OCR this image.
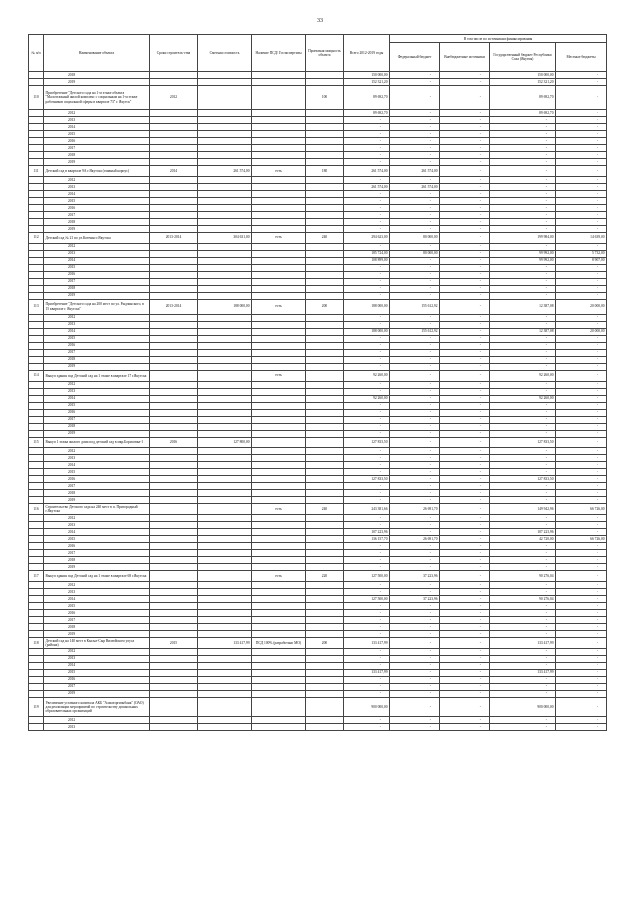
33
№ п/п	Наименование объекта	Сроки строитель-ства	Сметная стоимость	Наличие ПСД/ Госэкспертизы	Проектная мощность объекта	Всего 2012-2019 годы	В том числе по источникам финансирования			
							Федеральный бюджет	Внебюджетные источники	Государственный бюджет Республики Саха (Якутия)	Местные бюджеты
	2018					150 000,00	-	-	150 000,00	-
	2019					152 321,20	-	-	152 321,20	-
110	Приобретение "Детского сада на 1-м этаже объекта "Малоэтажный жилой комплекс с социальным на 1-м этаже работников социальной сферы в квартале 73" г. Якутск"	2012			100	89 692,70	-	-	89 692,70	-
	2012					89 692,70	-	-	89 692,70	-
	2013					-	-	-	-	-
	2014					-	-	-	-	-
	2015					-	-	-	-	-
	2016					-	-	-	-	-
	2017					-	-	-	-	-
	2018					-	-	-	-	-
	2019					-	-	-	-	-
111	Детский сад в квартале 9А г.Якутска (главный корпус)	2014	261 574,00	есть	180	261 574,00	261 574,00	-	-	-
	2012					-	-	-	-	-
	2013					261 574,00	261 574,00	-	-	-
	2014					-	-	-	-	-
	2015					-	-	-	-	-
	2016					-	-	-	-	-
	2017					-	-	-	-	-
	2018					-	-	-	-	-
	2019					-	-	-	-	-
112	Детский сад № 21 по ул.Котенко г.Якутска	2013-2014	304 631,00	есть	240	294 623,00	80 000,00	-	199 984,00	14 639,00
	2012					-	-	-	-	-
	2013					185 724,00	80 000,00	-	99 992,00	5 732,00
	2014					108 899,00	-	-	99 992,00	8 907,00
	2015					-	-	-	-	-
	2016					-	-	-	-	-
	2017					-	-	-	-	-
	2018					-	-	-	-	-
	2019					-	-	-	-	-
113	Приобретение "Детского сада на 200 мест по ул. Рыдзинского, в 15 квартале г. Якутска"	2013-2014	188 000,00	есть	200	188 000,00	155 612,92	-	12 387,08	20 000,00
	2012					-	-	-	-	-
	2013					-	-	-	-	-
	2014					188 000,00	155 612,92	-	12 387,08	20 000,00
	2015					-	-	-	-	-
	2016					-	-	-	-	-
	2017					-	-	-	-	-
	2018					-	-	-	-	-
	2019					-	-	-	-	-
114	Выкуп здания под Детский сад на 1 этаже в квартале 17 г.Якутска			есть		92 260,00	-	-	92 260,00	-
	2012					-	-	-	-	-
	2013					-	-	-	-	-
	2014					92 260,00	-	-	92 260,00	-
	2015					-	-	-	-	-
	2016					-	-	-	-	-
	2017					-	-	-	-	-
	2018					-	-	-	-	-
	2019					-	-	-	-	-
115	Выкуп 1 этажа жилого дома под детский сад в мкр.Борисовка-1	2016	127 800,00			127 833,50	-	-	127 833,50	-
	2012					-	-	-	-	-
	2013					-	-	-	-	-
	2014					-	-	-	-	-
	2015					-	-	-	-	-
	2016					127 833,50	-	-	127 833,50	-
	2017					-	-	-	-	-
	2018					-	-	-	-	-
	2019					-	-	-	-	-
116	Строительство Детского сада на 240 мест в п. Пригородный г.Якутска			есть	240	243 381,66	26 691,70	-	149 942,96	66 726,00
	2012					-	-	-	-	-
	2013					-	-	-	-	-
	2014					107 223,96	-	-	107 223,96	-
	2015					136 157,70	26 691,70	-	42 720,00	66 726,00
	2016					-	-	-	-	-
	2017					-	-	-	-	-
	2018					-	-	-	-	-
	2019					-	-	-	-	-
117	Выкуп здания под Детский сад на 1 этаже в квартале 68 г.Якутска			есть	220	127 500,00	37 223,96	-	90 276,04	-
	2012					-	-	-	-	-
	2013					-	-	-	-	-
	2014					127 500,00	37 223,96	-	90 276,04	-
	2015					-	-	-	-	-
	2016					-	-	-	-	-
	2017					-	-	-	-	-
	2018					-	-	-	-	-
	2019					-	-	-	-	-
118	Детский сад на 140 мест в Кысыл-Сыр Вилюйского улуса (района)	2015	133 417,99	ПСД 100% (разработано МО)	200	133 417,99	-	-	133 417,99	-
	2012					-	-	-	-	-
	2013					-	-	-	-	-
	2014					-	-	-	-	-
	2015					133 417,99	-	-	133 417,99	-
	2016					-	-	-	-	-
	2017					-	-	-	-	-
	2019					-	-	-	-	-
119	Увеличение уставного капитала АКБ "Алмазэргиэнбанк" (ОАО) для реализации мероприятий по строительству дошкольных образовательных организаций					900 000,00	-	-	900 000,00	-
	2012					-	-	-	-	-
	2013					-	-	-	-	-
